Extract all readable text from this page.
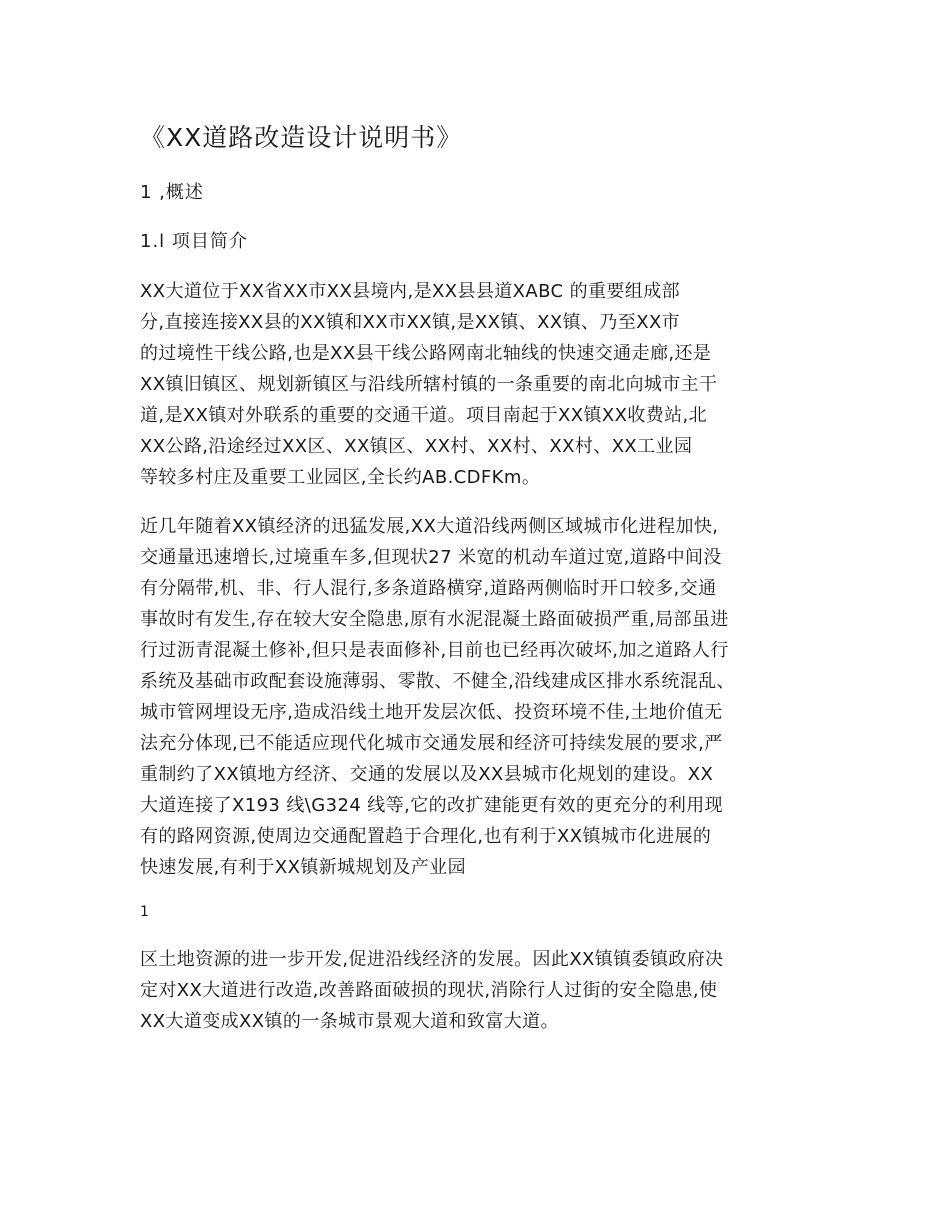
《XX道路改造设计说明书》
1 ,概述
1.l 项目简介
XX大道位于XX省XX市XX县境内,是XX县县道XABC 的重要组成部
分,直接连接XX县的XX镇和XX市XX镇,是XX镇、XX镇、乃至XX市
的过境性干线公路,也是XX县干线公路网南北轴线的快速交通走廊,还是
XX镇旧镇区、规划新镇区与沿线所辖村镇的一条重要的南北向城市主干
道,是XX镇对外联系的重要的交通干道。项目南起于XX镇XX收费站,北
XX公路,沿途经过XX区、XX镇区、XX村、XX村、XX村、XX工业园
等较多村庄及重要工业园区,全长约AB.CDFKm。
近几年随着XX镇经济的迅猛发展,XX大道沿线两侧区域城市化进程加快,
交通量迅速增长,过境重车多,但现状27 米宽的机动车道过宽,道路中间没
有分隔带,机、非、行人混行,多条道路横穿,道路两侧临时开口较多,交通
事故时有发生,存在较大安全隐患,原有水泥混凝土路面破损严重,局部虽进
行过沥青混凝土修补,但只是表面修补,目前也已经再次破坏,加之道路人行
系统及基础市政配套设施薄弱、零散、不健全,沿线建成区排水系统混乱、
城市管网埋设无序,造成沿线土地开发层次低、投资环境不佳,土地价值无
法充分体现,已不能适应现代化城市交通发展和经济可持续发展的要求,严
重制约了XX镇地方经济、交通的发展以及XX县城市化规划的建设。XX
大道连接了X193 线\G324 线等,它的改扩建能更有效的更充分的利用现
有的路网资源,使周边交通配置趋于合理化,也有利于XX镇城市化进展的
快速发展,有利于XX镇新城规划及产业园
1
区土地资源的进一步开发,促进沿线经济的发展。因此XX镇镇委镇政府决
定对XX大道进行改造,改善路面破损的现状,消除行人过街的安全隐患,使
XX大道变成XX镇的一条城市景观大道和致富大道。
